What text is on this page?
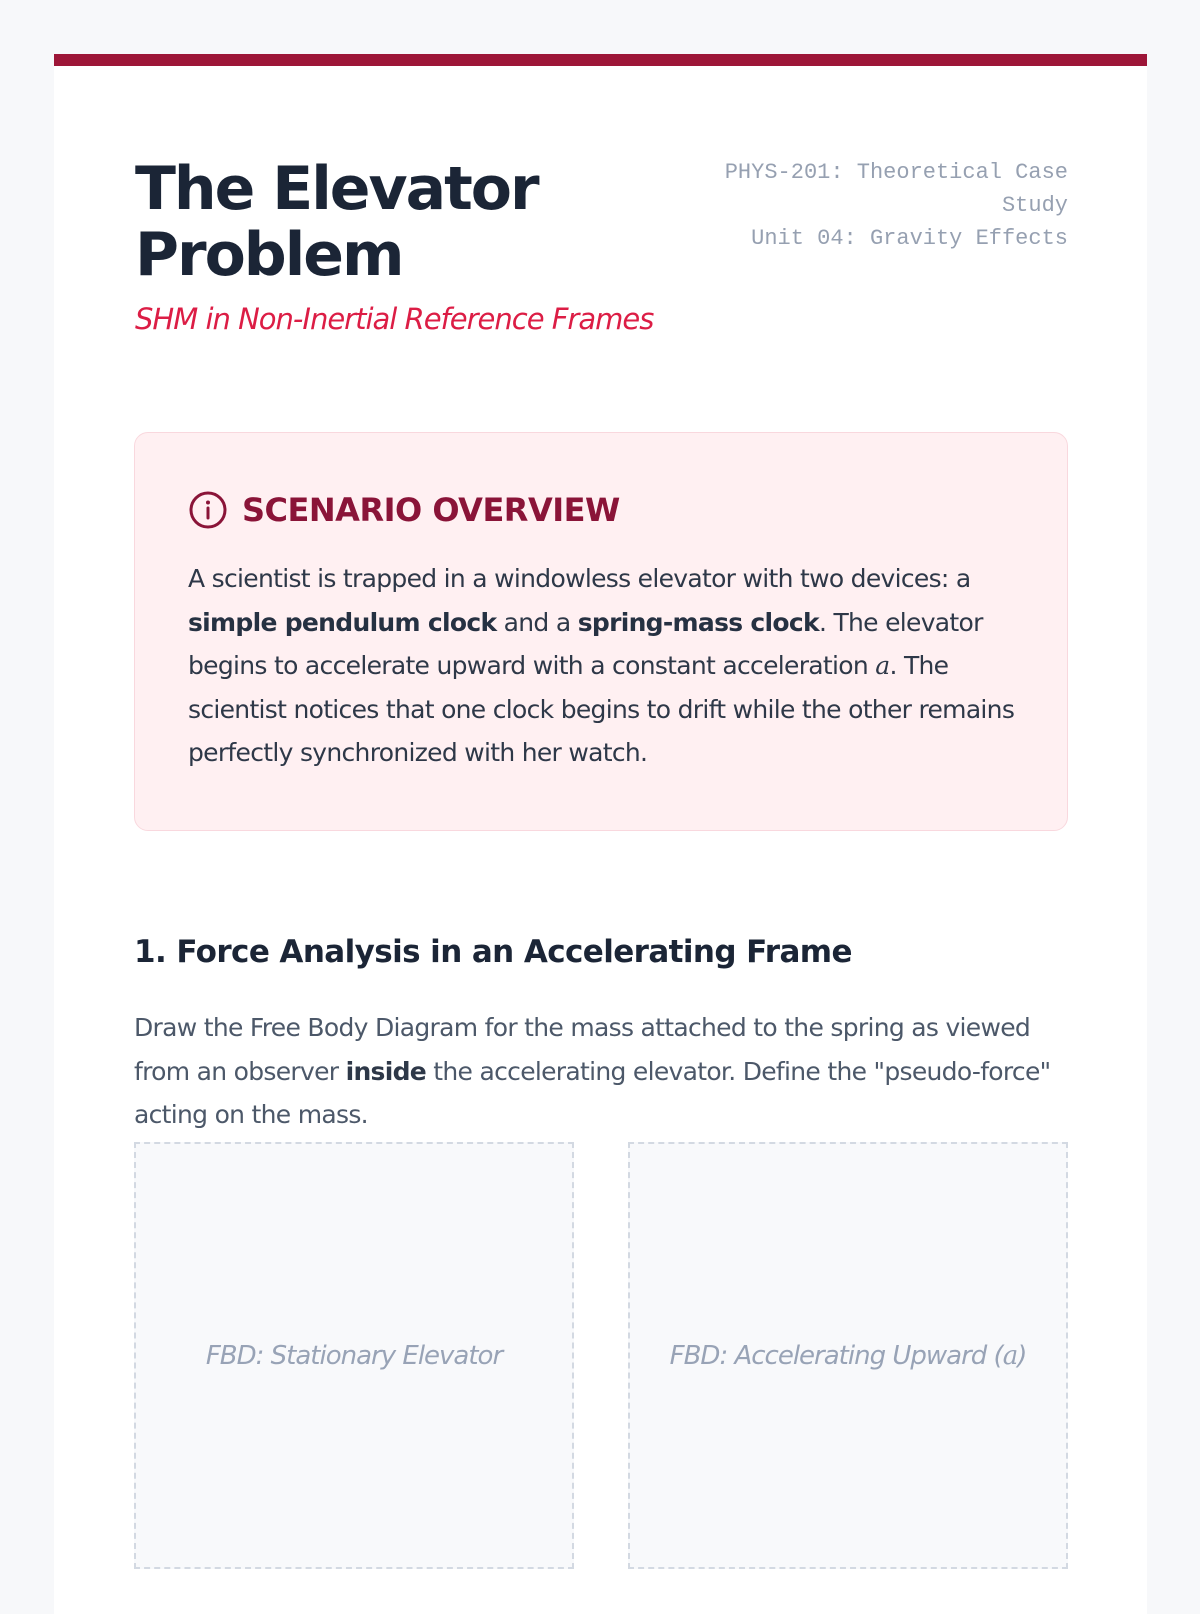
The Elevator Problem

SHM in Non-Inertial Reference Frames

PHYS-201: Theoretical Case Study
Unit 04: Gravity Effects
SCENARIO OVERVIEW

A scientist is trapped in a windowless elevator with two devices: a simple pendulum clock and a spring-mass clock. The elevator begins to accelerate upward with a constant acceleration a. The scientist notices that one clock begins to drift while the other remains perfectly synchronized with her watch.

1. Force Analysis in an Accelerating Frame

Draw the Free Body Diagram for the mass attached to the spring as viewed from an observer inside the accelerating elevator. Define the "pseudo-force" acting on the mass.

FBD: Stationary Elevator	FBD: Accelerating Upward (a)
